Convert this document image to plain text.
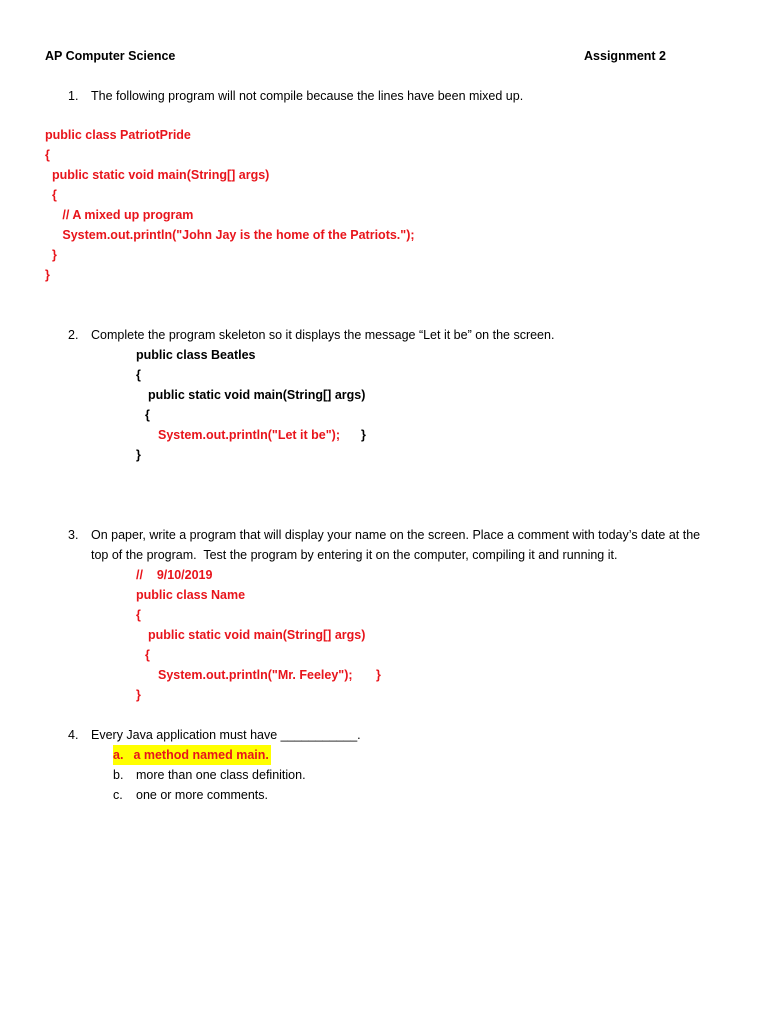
AP Computer Science	Assignment 2
1. The following program will not compile because the lines have been mixed up.
public class PatriotPride
{
public static void main(String[] args)
{
// A mixed up program
System.out.println("John Jay is the home of the Patriots.");
}
}
2. Complete the program skeleton so it displays the message “Let it be” on the screen.
public class Beatles
{
public static void main(String[] args)
{
System.out.println("Let it be"); }
}
3. On paper, write a program that will display your name on the screen. Place a comment with today’s date at the
top of the program.  Test the program by entering it on the computer, compiling it and running it.
//    9/10/2019
public class Name
{
public static void main(String[] args)
{
System.out.println("Mr. Feeley"); }
}
4. Every Java application must have ___________.
a. a method named main.
b. more than one class definition.
c. one or more comments.
